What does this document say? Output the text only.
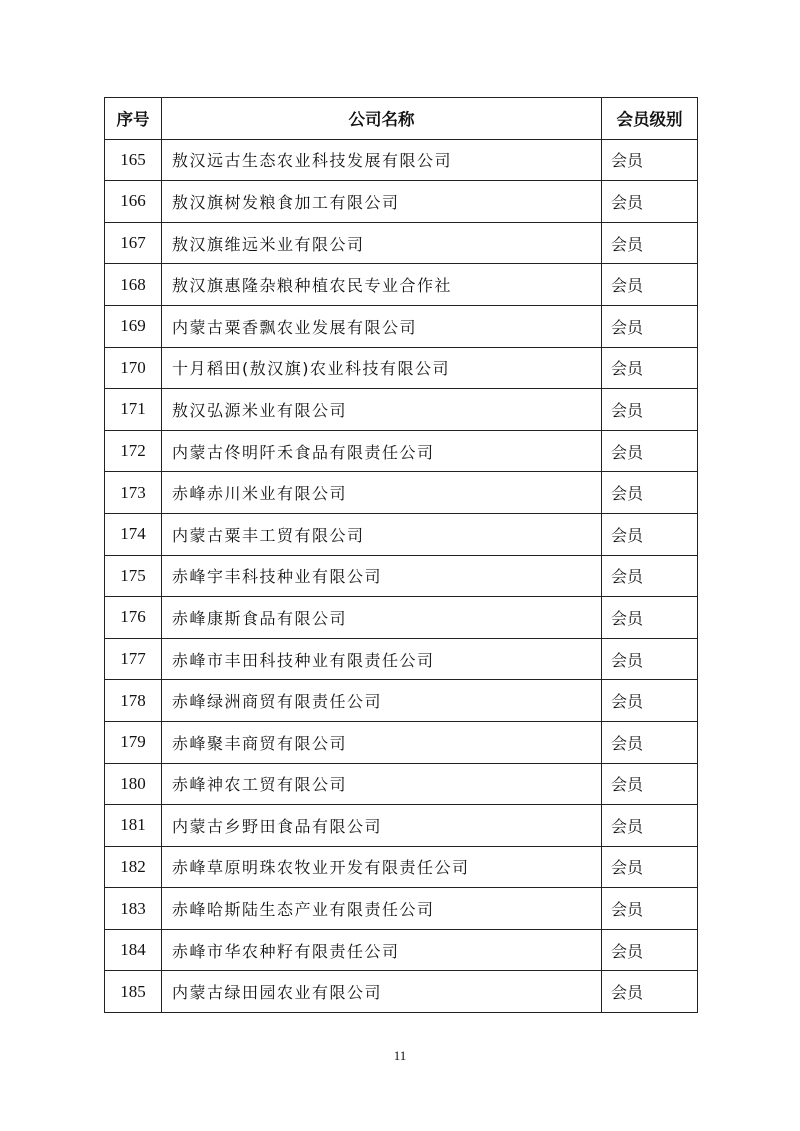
序号	公司名称	会员级别
165	敖汉远古生态农业科技发展有限公司	会员
166	敖汉旗树发粮食加工有限公司	会员
167	敖汉旗维远米业有限公司	会员
168	敖汉旗惠隆杂粮种植农民专业合作社	会员
169	内蒙古粟香飘农业发展有限公司	会员
170	十月稻田(敖汉旗)农业科技有限公司	会员
171	敖汉弘源米业有限公司	会员
172	内蒙古佟明阡禾食品有限责任公司	会员
173	赤峰赤川米业有限公司	会员
174	内蒙古粟丰工贸有限公司	会员
175	赤峰宇丰科技种业有限公司	会员
176	赤峰康斯食品有限公司	会员
177	赤峰市丰田科技种业有限责任公司	会员
178	赤峰绿洲商贸有限责任公司	会员
179	赤峰聚丰商贸有限公司	会员
180	赤峰神农工贸有限公司	会员
181	内蒙古乡野田食品有限公司	会员
182	赤峰草原明珠农牧业开发有限责任公司	会员
183	赤峰哈斯陆生态产业有限责任公司	会员
184	赤峰市华农种籽有限责任公司	会员
185	内蒙古绿田园农业有限公司	会员
11
